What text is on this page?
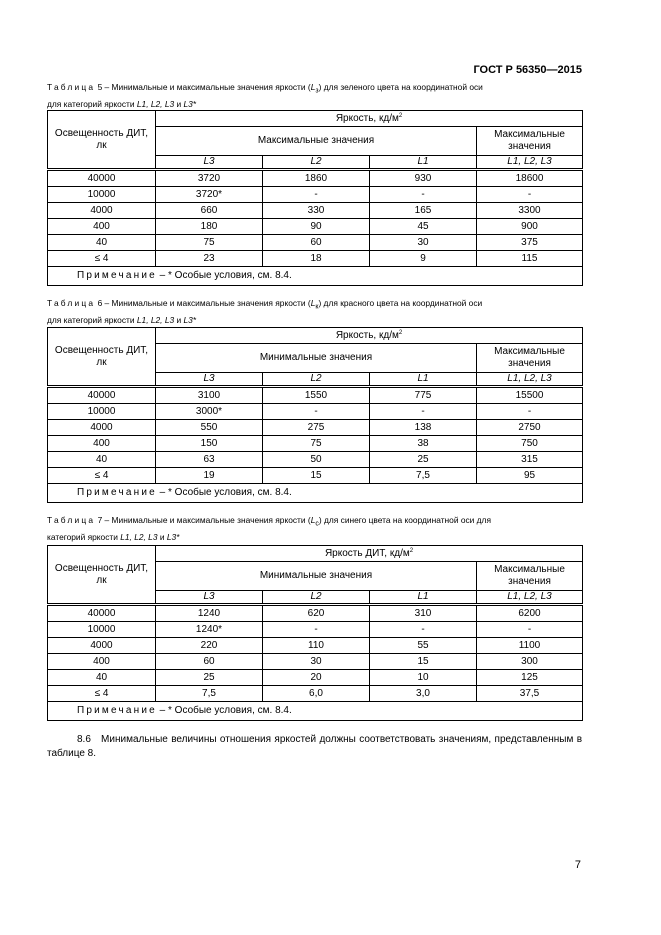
ГОСТ Р 56350—2015
Таблица 5 – Минимальные и максимальные значения яркости $(L_з)$ для зеленого цвета на координатной оси
для категорий яркости L1, L2, L3 и L3*
Освещенность ДИТ, лк	Яркость, $кд/м^2$
	Максимальные значения			Максимальные значения
	L3	L2	L1	L1, L2, L3
40000	3720	1860	930	18600
10000	3720*	-	-	-
4000	660	330	165	3300
400	180	90	45	900
40	75	60	30	375
≤ 4	23	18	9	115
Примечание – * Особые условия, см. 8.4.				
Таблица 6 – Минимальные и максимальные значения яркости $(L_к)$ для красного цвета на координатной оси
для категорий яркости L1, L2, L3 и L3*
Освещенность ДИТ, лк	Яркость, $кд/м^2$
	Минимальные значения			Максимальные значения
	L3	L2	L1	L1, L2, L3
40000	3100	1550	775	15500
10000	3000*	-	-	-
4000	550	275	138	2750
400	150	75	38	750
40	63	50	25	315
≤ 4	19	15	7,5	95
Примечание – * Особые условия, см. 8.4.				
Таблица 7 – Минимальные и максимальные значения яркости $(L_с)$ для синего цвета на координатной оси для
категорий яркости L1, L2, L3 и L3*
Освещенность ДИТ, лк	Яркость ДИТ, $кд/м^2$
	Минимальные значения			Максимальные значения
	L3	L2	L1	L1, L2, L3
40000	1240	620	310	6200
10000	1240*	-	-	-
4000	220	110	55	1100
400	60	30	15	300
40	25	20	10	125
≤ 4	7,5	6,0	3,0	37,5
Примечание – * Особые условия, см. 8.4.				
8.6 Минимальные величины отношения яркостей должны соответствовать значениям, представленным в таблице 8.
7
